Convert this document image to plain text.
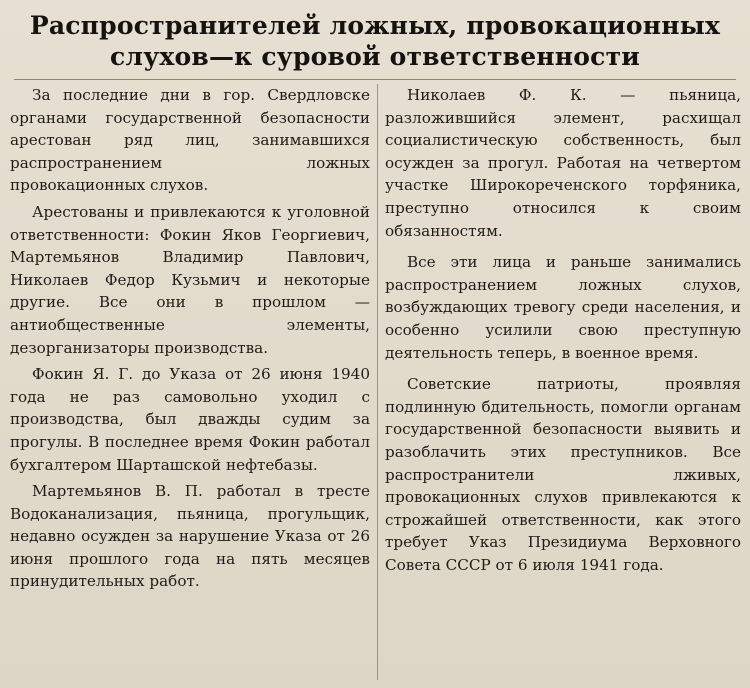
Распространителей ложных, провокационных
слухов—к суровой ответственности

За последние дни в гор. Свердловске органами государственной безопасности арестован ряд лиц, занимавшихся распространением ложных провокационных слухов.

Арестованы и привлекаются к уголовной ответственности: Фокин Яков Георгиевич, Мартемьянов Владимир Павлович, Николаев Федор Кузьмич и некоторые другие. Все они в прошлом — антиобщественные элементы, дезорганизаторы производства.

Фокин Я. Г. до Указа от 26 июня 1940 года не раз самовольно уходил с производства, был дважды судим за прогулы. В последнее время Фокин работал бухгалтером Шарташской нефтебазы.

Мартемьянов В. П. работал в тресте Водоканализация, пьяница, прогульщик, недавно осужден за нарушение Указа от 26 июня прошлого года на пять месяцев принудительных работ.

Николаев Ф. К. — пьяница, разложившийся элемент, расхищал социалистическую собственность, был осужден за прогул. Работая на четвертом участке Широкореченского торфяника, преступно относился к своим обязанностям.

Все эти лица и раньше занимались распространением ложных слухов, возбуждающих тревогу среди населения, и особенно усилили свою преступную деятельность теперь, в военное время.

Советские патриоты, проявляя подлинную бдительность, помогли органам государственной безопасности выявить и разоблачить этих преступников. Все распространители лживых, провокационных слухов привлекаются к строжайшей ответственности, как этого требует Указ Президиума Верховного Совета СССР от 6 июля 1941 года.
